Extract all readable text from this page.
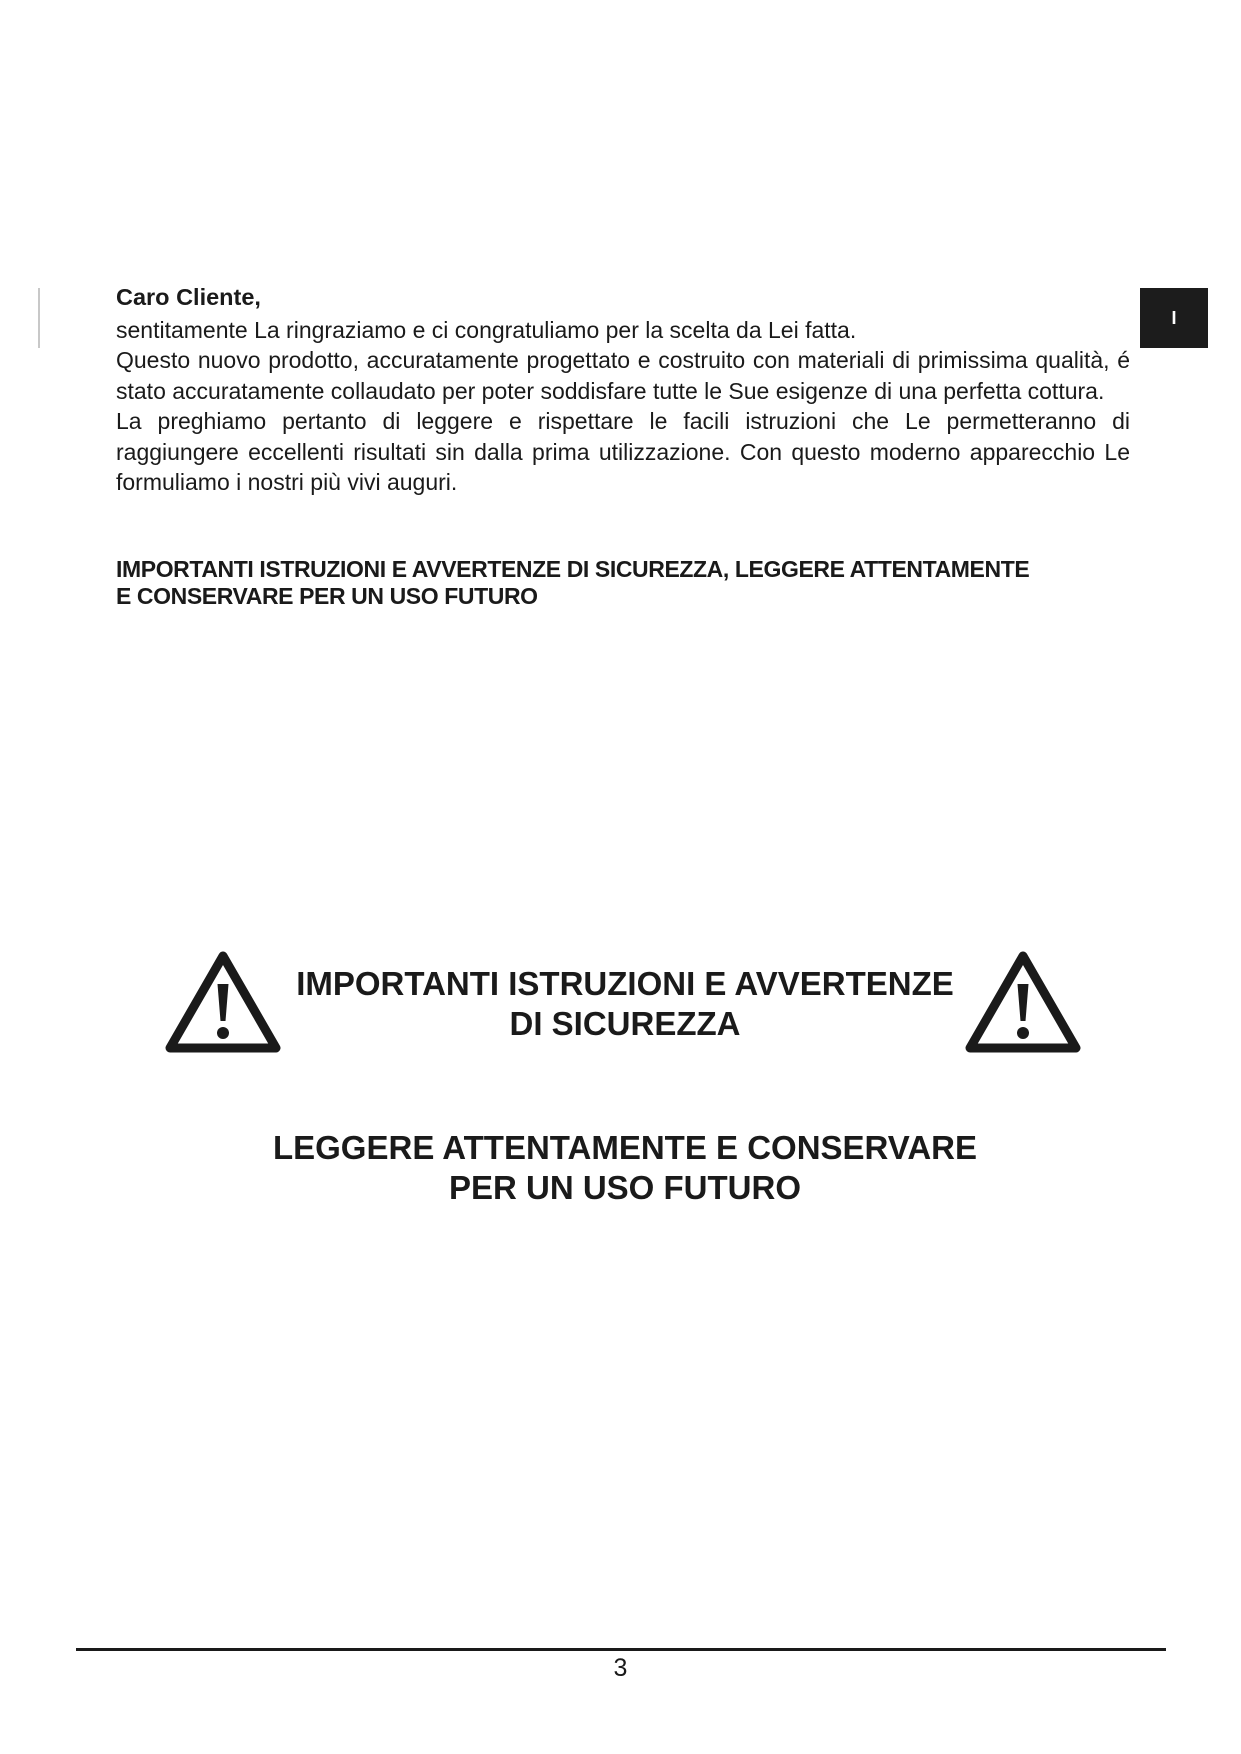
I

Caro Cliente,

sentitamente La ringraziamo e ci congratuliamo per la scelta da Lei fatta.

Questo nuovo prodotto, accuratamente progettato e costruito con materiali di primissima qualità, é stato accuratamente collaudato per poter soddisfare tutte le Sue esigenze di una perfetta cottura.

La preghiamo pertanto di leggere e rispettare le facili istruzioni che Le permetteranno di raggiungere eccellenti risultati sin dalla prima utilizzazione. Con questo moderno apparecchio Le formuliamo i nostri più vivi auguri.

IMPORTANTI ISTRUZIONI E AVVERTENZE DI SICUREZZA, LEGGERE ATTENTAMENTE
E CONSERVARE PER UN USO FUTURO
IMPORTANTI ISTRUZIONI E AVVERTENZE
DI SICUREZZA
LEGGERE ATTENTAMENTE E CONSERVARE
PER UN USO FUTURO
3
